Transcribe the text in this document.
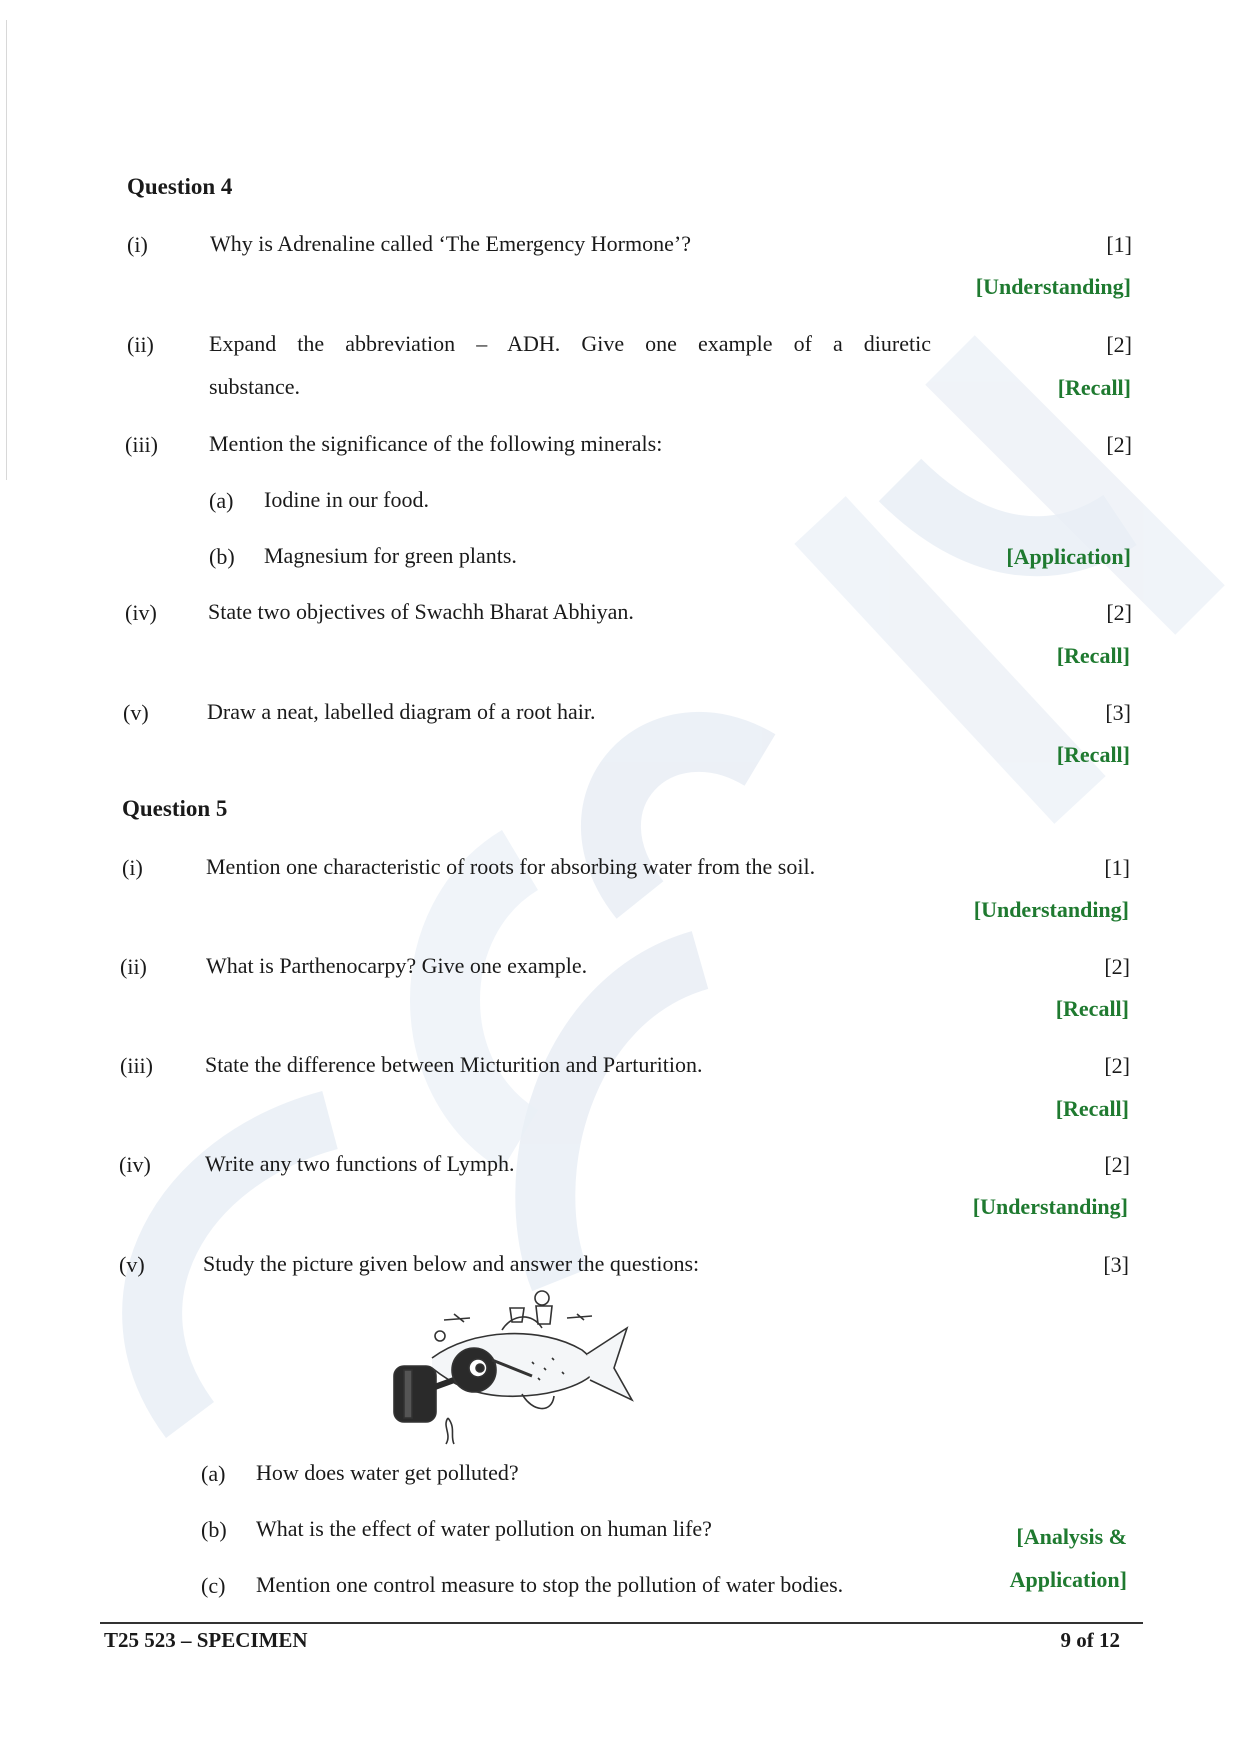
Question 4
(i)	Why is Adrenaline called ‘The Emergency Hormone’?	[1]
[Understanding]
(ii)	Expand the abbreviation – ADH. Give one example of a diuretic
substance.
[2]
[Recall]
(iii) Mention the significance of the following minerals:	[2]
(a) Iodine in our food.
(b) Magnesium for green plants.	[Application]
(iv) State two objectives of Swachh Bharat Abhiyan.	[2]
[Recall]
(v)	Draw a neat, labelled diagram of a root hair.	[3]
[Recall]
Question 5
(i)	Mention one characteristic of roots for absorbing water from the soil.	[1]
[Understanding]
(ii)	What is Parthenocarpy? Give one example.	[2]
[Recall]
(iii) State the difference between Micturition and Parturition.	[2]
[Recall]
(iv) Write any two functions of Lymph.	[2]
[Understanding]
(v)	Study the picture given below and answer the questions:	[3]
(a) How does water get polluted?
(b) What is the effect of water pollution on human life?
(c) Mention one control measure to stop the pollution of water bodies.
[Analysis &
Application]
T25 523 – SPECIMEN	9 of 12
